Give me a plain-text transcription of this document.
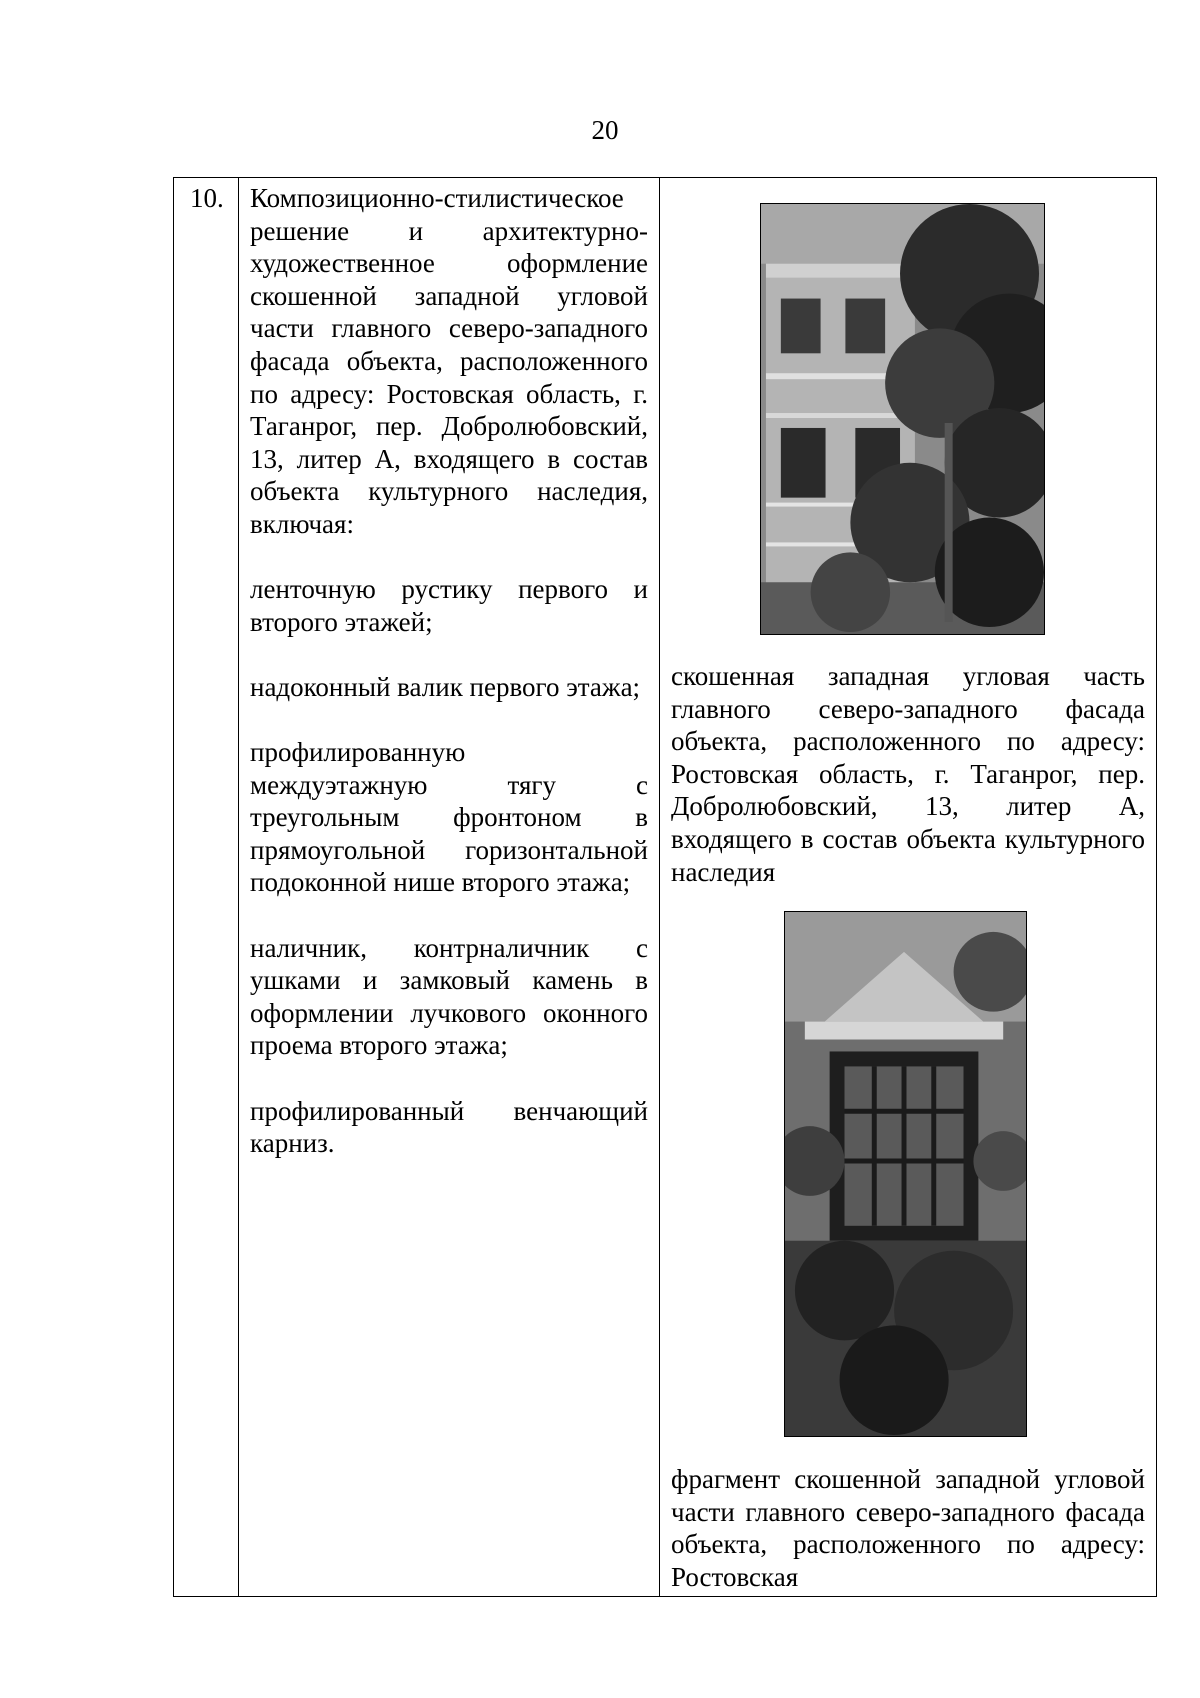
20
10. Композиционно-стилистическое решение и архитектурно-художественное оформление скошенной западной угловой части главного северо-западного фасада объекта, расположенного по адресу: Ростовская область, г. Таганрог, пер. Добролюбовский, 13, литер А, входящего в состав объекта культурного наследия, включая:

ленточную рустику первого и второго этажей;

надоконный валик первого этажа;

профилированную междуэтажную тягу с треугольным фронтоном в прямоугольной горизонтальной подоконной нише второго этажа;

наличник, контрналичник с ушками и замковый камень в оформлении лучкового оконного проема второго этажа;

профилированный венчающий карниз.

скошенная западная угловая часть главного северо-западного фасада объекта, расположенного по адресу: Ростовская область, г. Таганрог, пер. Добролюбовский, 13, литер А, входящего в состав объекта культурного наследия
фрагмент скошенной западной угловой части главного северо-западного фасада объекта, расположенного по адресу: Ростовская
